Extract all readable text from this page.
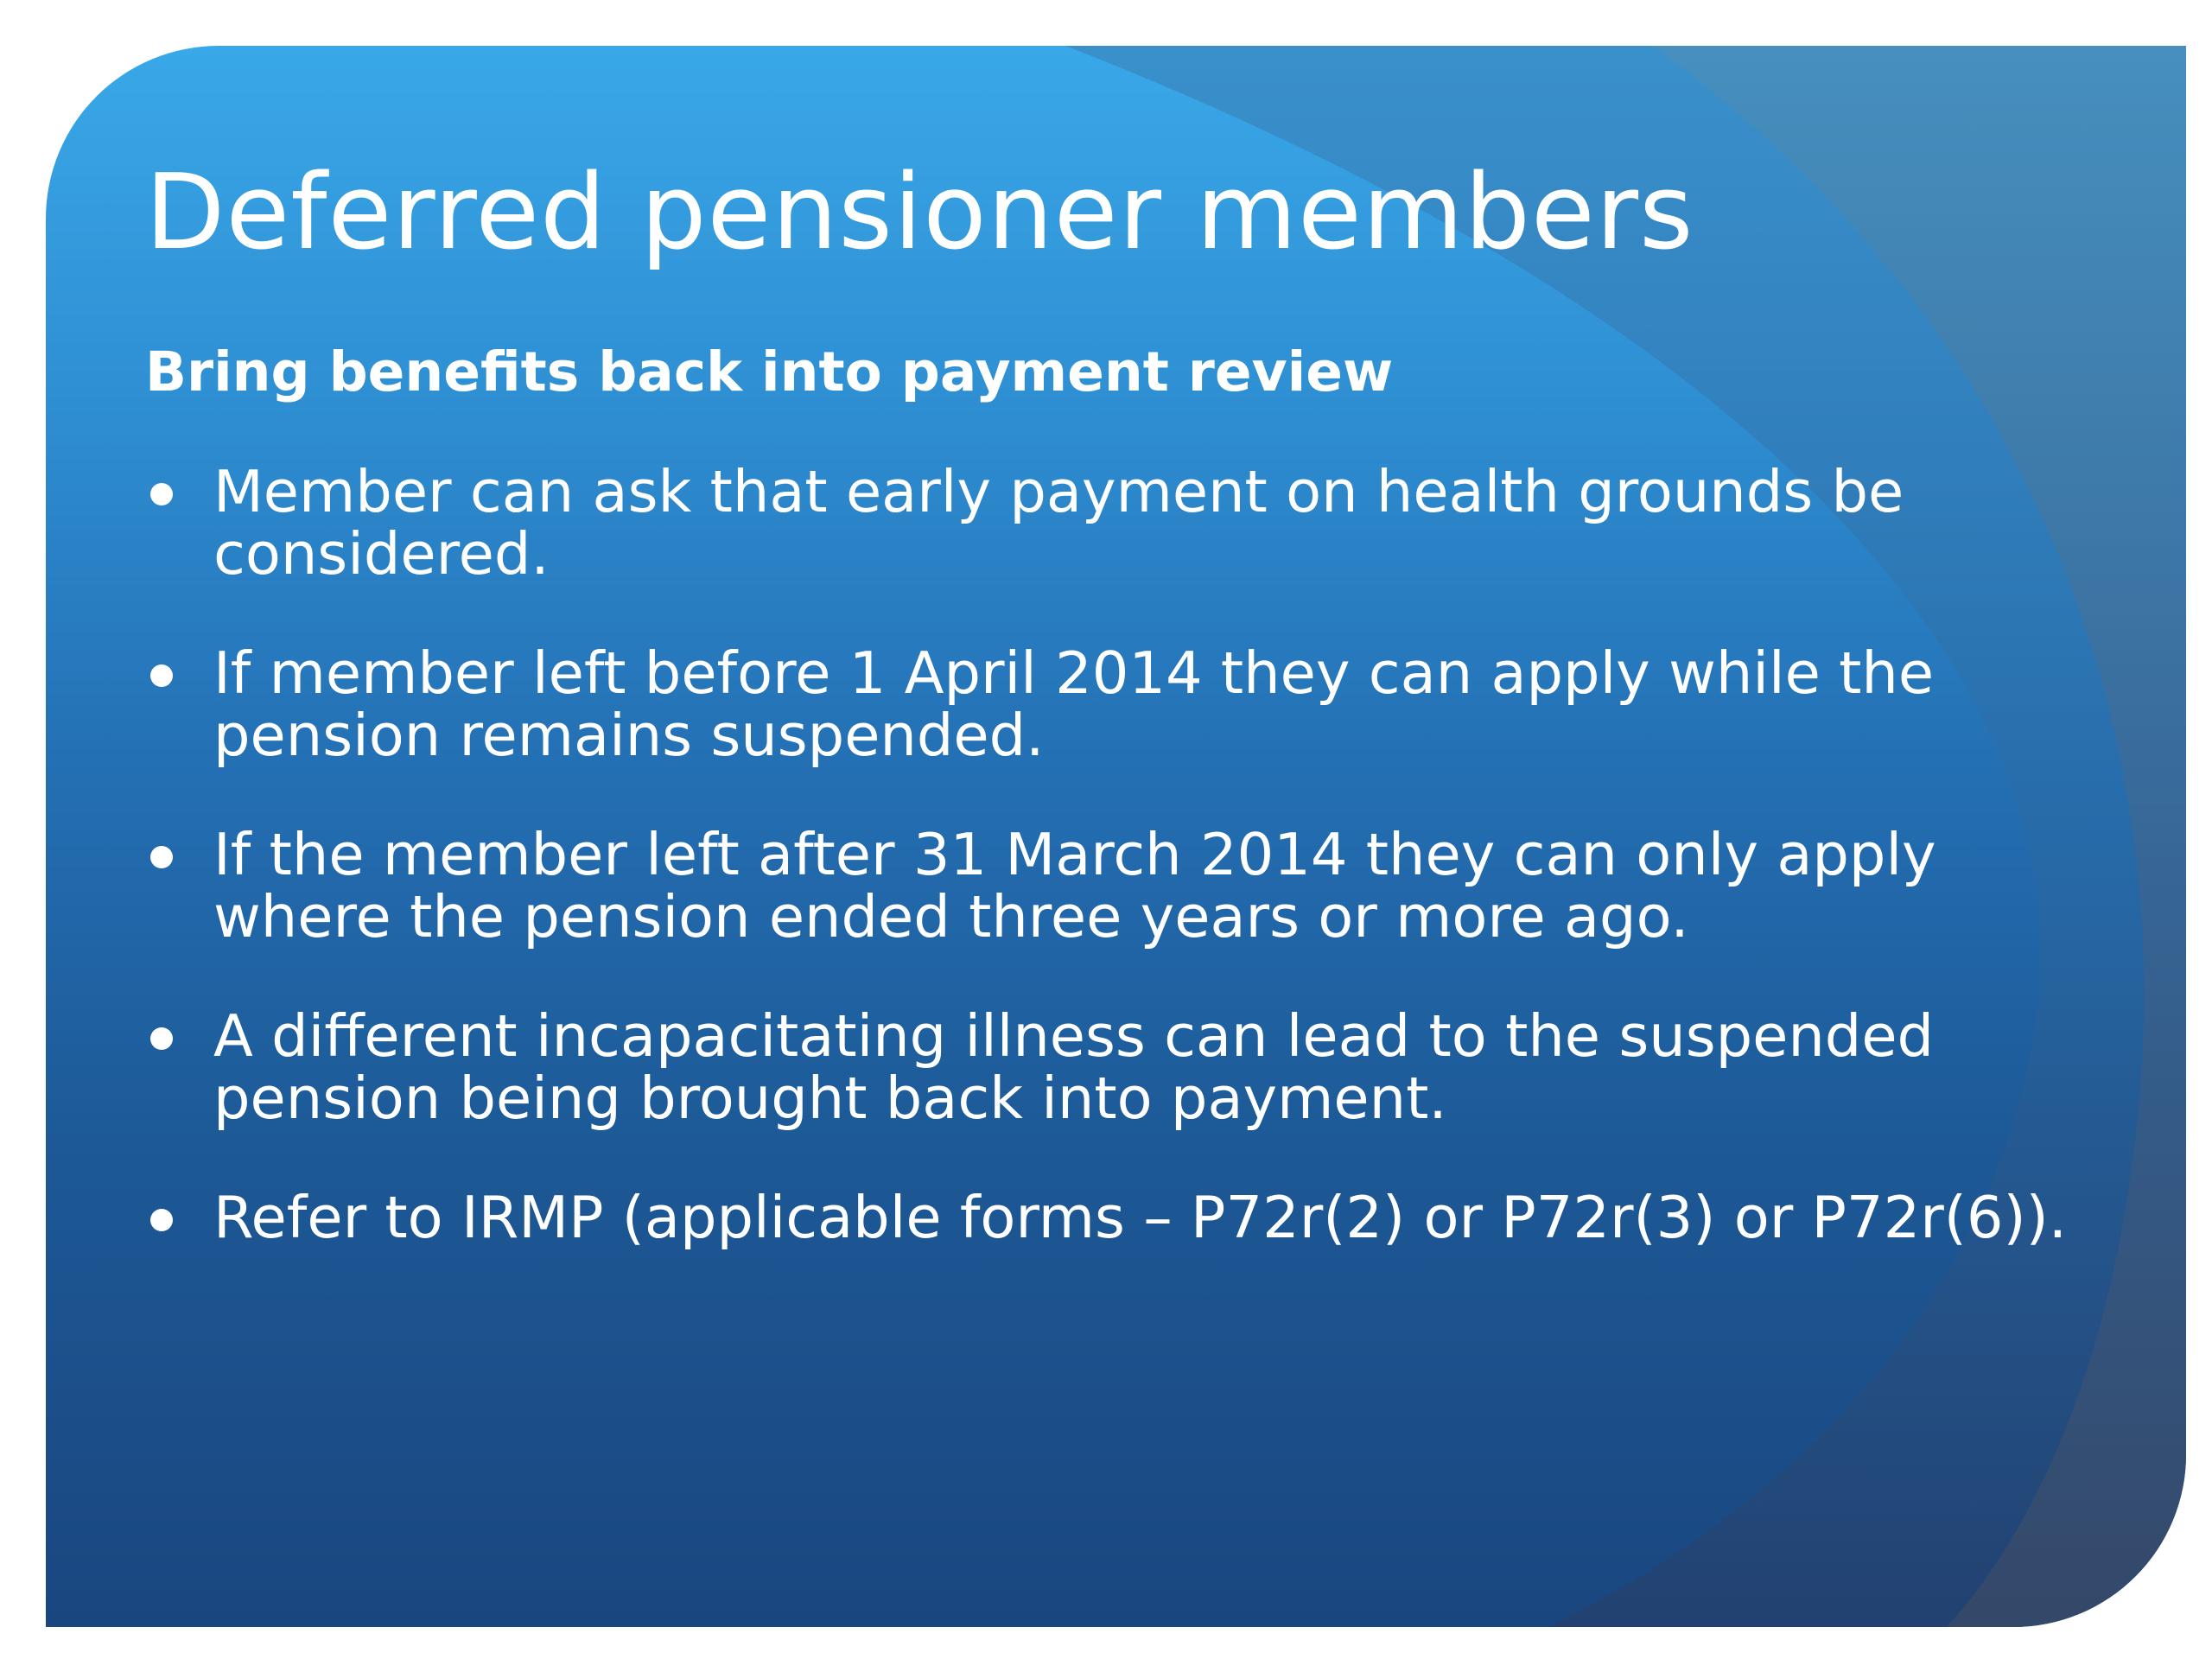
Deferred pensioner members
Bring benefits back into payment review
Member can ask that early payment on health grounds be considered.
If member left before 1 April 2014 they can apply while the pension remains suspended.
If the member left after 31 March 2014 they can only apply where the pension ended three years or more ago.
A different incapacitating illness can lead to the suspended pension being brought back into payment.
Refer to IRMP (applicable forms – P72r(2) or P72r(3) or P72r(6)).
